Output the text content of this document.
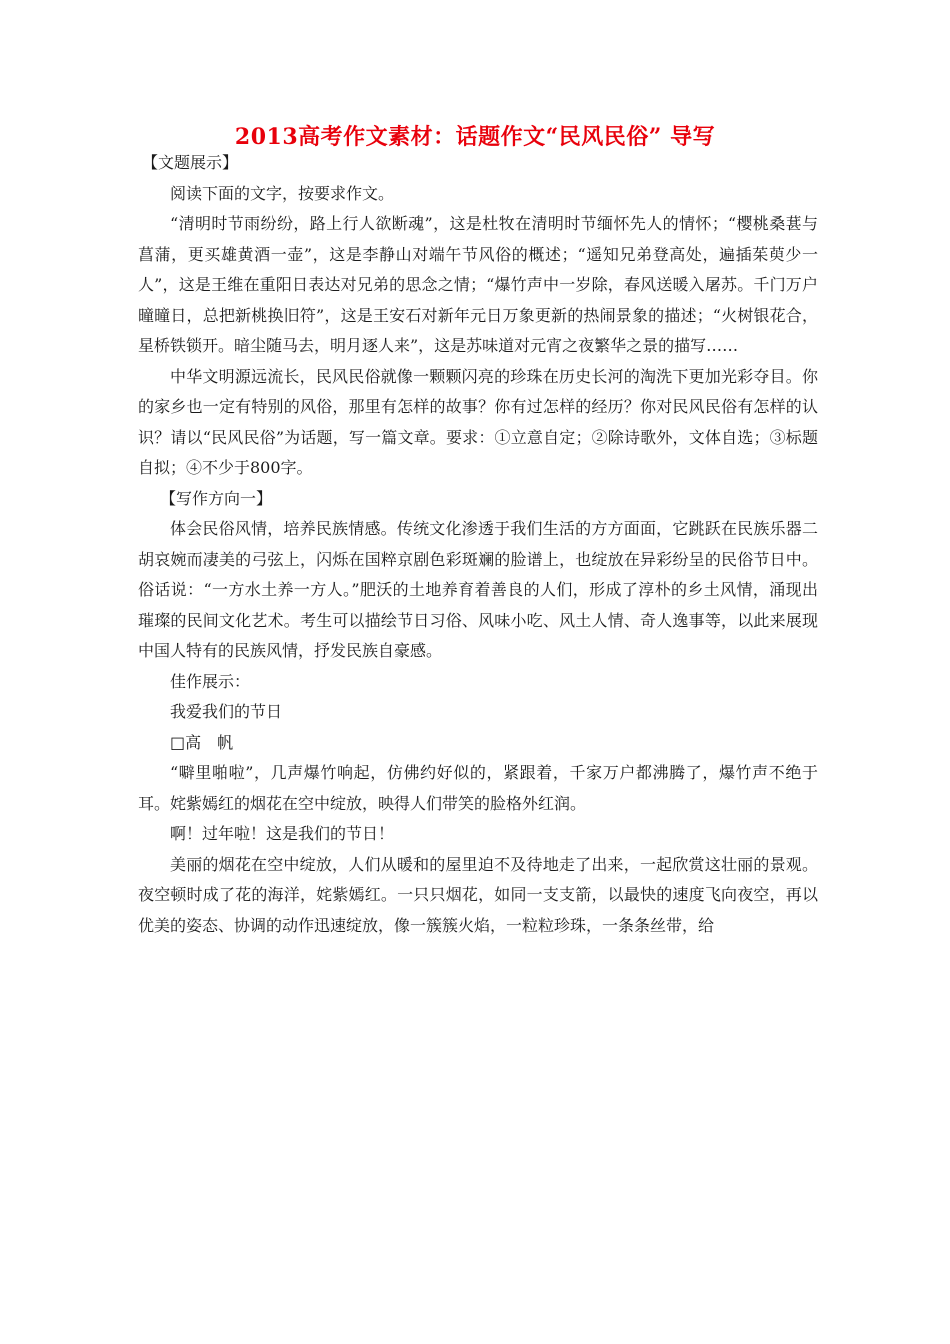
2013高考作文素材：话题作文“民风民俗” 导写

【文题展示】

阅读下面的文字，按要求作文。

“清明时节雨纷纷，路上行人欲断魂”，这是杜牧在清明时节缅怀先人的情怀；“樱桃桑葚与菖蒲，更买雄黄酒一壶”，这是李静山对端午节风俗的概述；“遥知兄弟登高处，遍插茱萸少一人”，这是王维在重阳日表达对兄弟的思念之情；“爆竹声中一岁除，春风送暖入屠苏。千门万户曈曈日，总把新桃换旧符”，这是王安石对新年元日万象更新的热闹景象的描述；“火树银花合，星桥铁锁开。暗尘随马去，明月逐人来”，这是苏味道对元宵之夜繁华之景的描写……

中华文明源远流长，民风民俗就像一颗颗闪亮的珍珠在历史长河的淘洗下更加光彩夺目。你的家乡也一定有特别的风俗，那里有怎样的故事？你有过怎样的经历？你对民风民俗有怎样的认识？请以“民风民俗”为话题，写一篇文章。要求：①立意自定；②除诗歌外，文体自选；③标题自拟；④不少于800字。

【写作方向一】

体会民俗风情，培养民族情感。传统文化渗透于我们生活的方方面面，它跳跃在民族乐器二胡哀婉而凄美的弓弦上，闪烁在国粹京剧色彩斑斓的脸谱上，也绽放在异彩纷呈的民俗节日中。俗话说：“一方水土养一方人。”肥沃的土地养育着善良的人们，形成了淳朴的乡土风情，涌现出璀璨的民间文化艺术。考生可以描绘节日习俗、风味小吃、风土人情、奇人逸事等，以此来展现中国人特有的民族风情，抒发民族自豪感。

佳作展示：

我爱我们的节日

□高　帆

“噼里啪啦”，几声爆竹响起，仿佛约好似的，紧跟着，千家万户都沸腾了，爆竹声不绝于耳。姹紫嫣红的烟花在空中绽放，映得人们带笑的脸格外红润。

啊！过年啦！这是我们的节日！

美丽的烟花在空中绽放，人们从暖和的屋里迫不及待地走了出来，一起欣赏这壮丽的景观。夜空顿时成了花的海洋，姹紫嫣红。一只只烟花，如同一支支箭，以最快的速度飞向夜空，再以优美的姿态、协调的动作迅速绽放，像一簇簇火焰，一粒粒珍珠，一条条丝带，给
